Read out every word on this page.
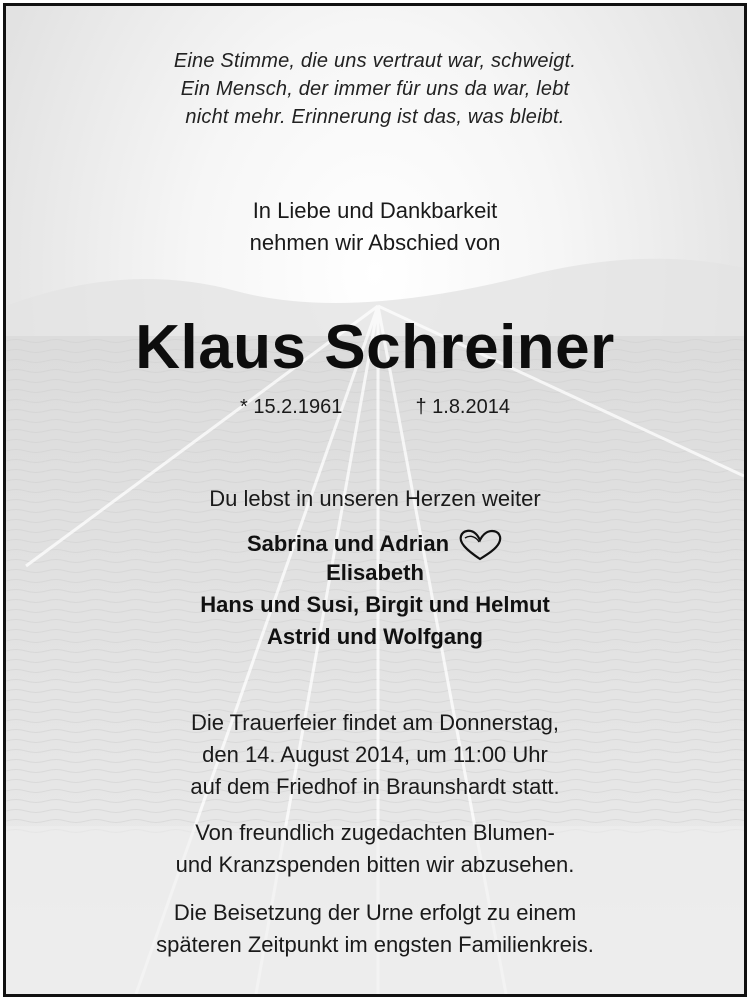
Eine Stimme, die uns vertraut war, schweigt.
Ein Mensch, der immer für uns da war, lebt
nicht mehr. Erinnerung ist das, was bleibt.
In Liebe und Dankbarkeit
nehmen wir Abschied von
Klaus Schreiner
* 15.2.1961	† 1.8.2014
Du lebst in unseren Herzen weiter
Sabrina und Adrian
Elisabeth
Hans und Susi, Birgit und Helmut
Astrid und Wolfgang
Die Trauerfeier findet am Donnerstag,
den 14. August 2014, um 11:00 Uhr
auf dem Friedhof in Braunshardt statt.
Von freundlich zugedachten Blumen-
und Kranzspenden bitten wir abzusehen.
Die Beisetzung der Urne erfolgt zu einem
späteren Zeitpunkt im engsten Familienkreis.
